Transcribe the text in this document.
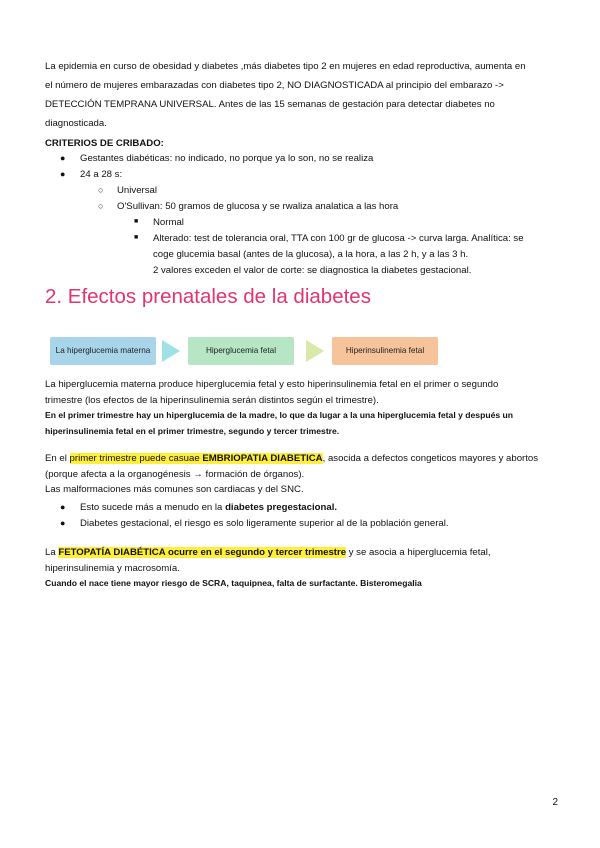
La epidemia en curso de obesidad y diabetes ,más diabetes tipo 2 en mujeres en edad reproductiva, aumenta en

el número de mujeres embarazadas con diabetes tipo 2, NO DIAGNOSTICADA al principio del embarazo ->

DETECCIÓN TEMPRANA UNIVERSAL. Antes de las 15 semanas de gestación para detectar diabetes no

diagnosticada.

CRITERIOS DE CRIBADO:
● Gestantes diabéticas: no indicado, no porque ya lo son, no se realiza
● 24 a 28 s:
○ Universal
○ O'Sullivan: 50 gramos de glucosa y se rwaliza analatica a las hora
■ Normal
■ Alterado: test de tolerancia oral, TTA con 100 gr de glucosa -> curva larga. Analítica: se
coge glucemia basal (antes de la glucosa), a la hora, a las 2 h, y a las 3 h.
2 valores exceden el valor de corte: se diagnostica la diabetes gestacional.
2. Efectos prenatales de la diabetes
La hiperglucemia materna	Hiperglucemia fetal	Hiperinsulinemia fetal

La hiperglucemia materna produce hiperglucemia fetal y esto hiperinsulinemia fetal en el primer o segundo

trimestre (los efectos de la hiperinsulinemia serán distintos según el trimestre).

En el primer trimestre hay un hiperglucemia de la madre, lo que da lugar a la una hiperglucemia fetal y después un

hiperinsulinemia fetal en el primer trimestre, segundo y tercer trimestre.

En el primer trimestre puede casuae EMBRIOPATIA DIABETICA, asocida a defectos congeticos mayores y abortos

(porque afecta a la organogénesis → formación de órganos).

Las malformaciones más comunes son cardiacas y del SNC.

● Esto sucede más a menudo en la diabetes pregestacional.
● Diabetes gestacional, el riesgo es solo ligeramente superior al de la población general.

La FETOPATÍA DIABÉTICA ocurre en el segundo y tercer trimestre y se asocia a hiperglucemia fetal,

hiperinsulinemia y macrosomía.

Cuando el nace tiene mayor riesgo de SCRA, taquipnea, falta de surfactante. Bisteromegalia

2
